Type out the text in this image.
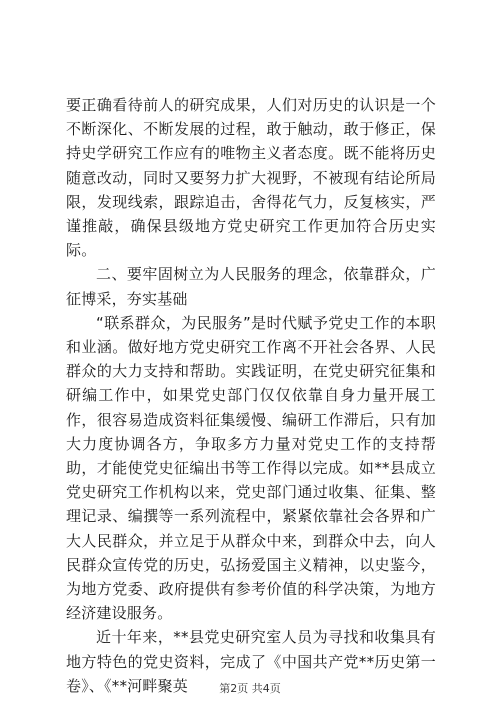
要正确看待前人的研究成果，人们对历史的认识是一个不断深化、不断发展的过程，敢于触动，敢于修正，保持史学研究工作应有的唯物主义者态度。既不能将历史随意改动，同时又要努力扩大视野，不被现有结论所局限，发现线索，跟踪追击，舍得花气力，反复核实，严谨推敲，确保县级地方党史研究工作更加符合历史实际。

二、要牢固树立为人民服务的理念，依靠群众，广征博采，夯实基础

“联系群众，为民服务”是时代赋予党史工作的本职和业涵。做好地方党史研究工作离不开社会各界、人民群众的大力支持和帮助。实践证明，在党史研究征集和研编工作中，如果党史部门仅仅依靠自身力量开展工作，很容易造成资料征集缓慢、编研工作滞后，只有加大力度协调各方，争取多方力量对党史工作的支持帮助，才能使党史征编出书等工作得以完成。如**县成立党史研究工作机构以来，党史部门通过收集、征集、整理记录、编撰等一系列流程中，紧紧依靠社会各界和广大人民群众，并立足于从群众中来，到群众中去，向人民群众宣传党的历史，弘扬爱国主义精神，以史鉴今，为地方党委、政府提供有参考价值的科学决策，为地方经济建设服务。

近十年来，**县党史研究室人员为寻找和收集具有地方特色的党史资料，完成了《中国共产党**历史第一卷》、《**河畔聚英	第2页 共4页
